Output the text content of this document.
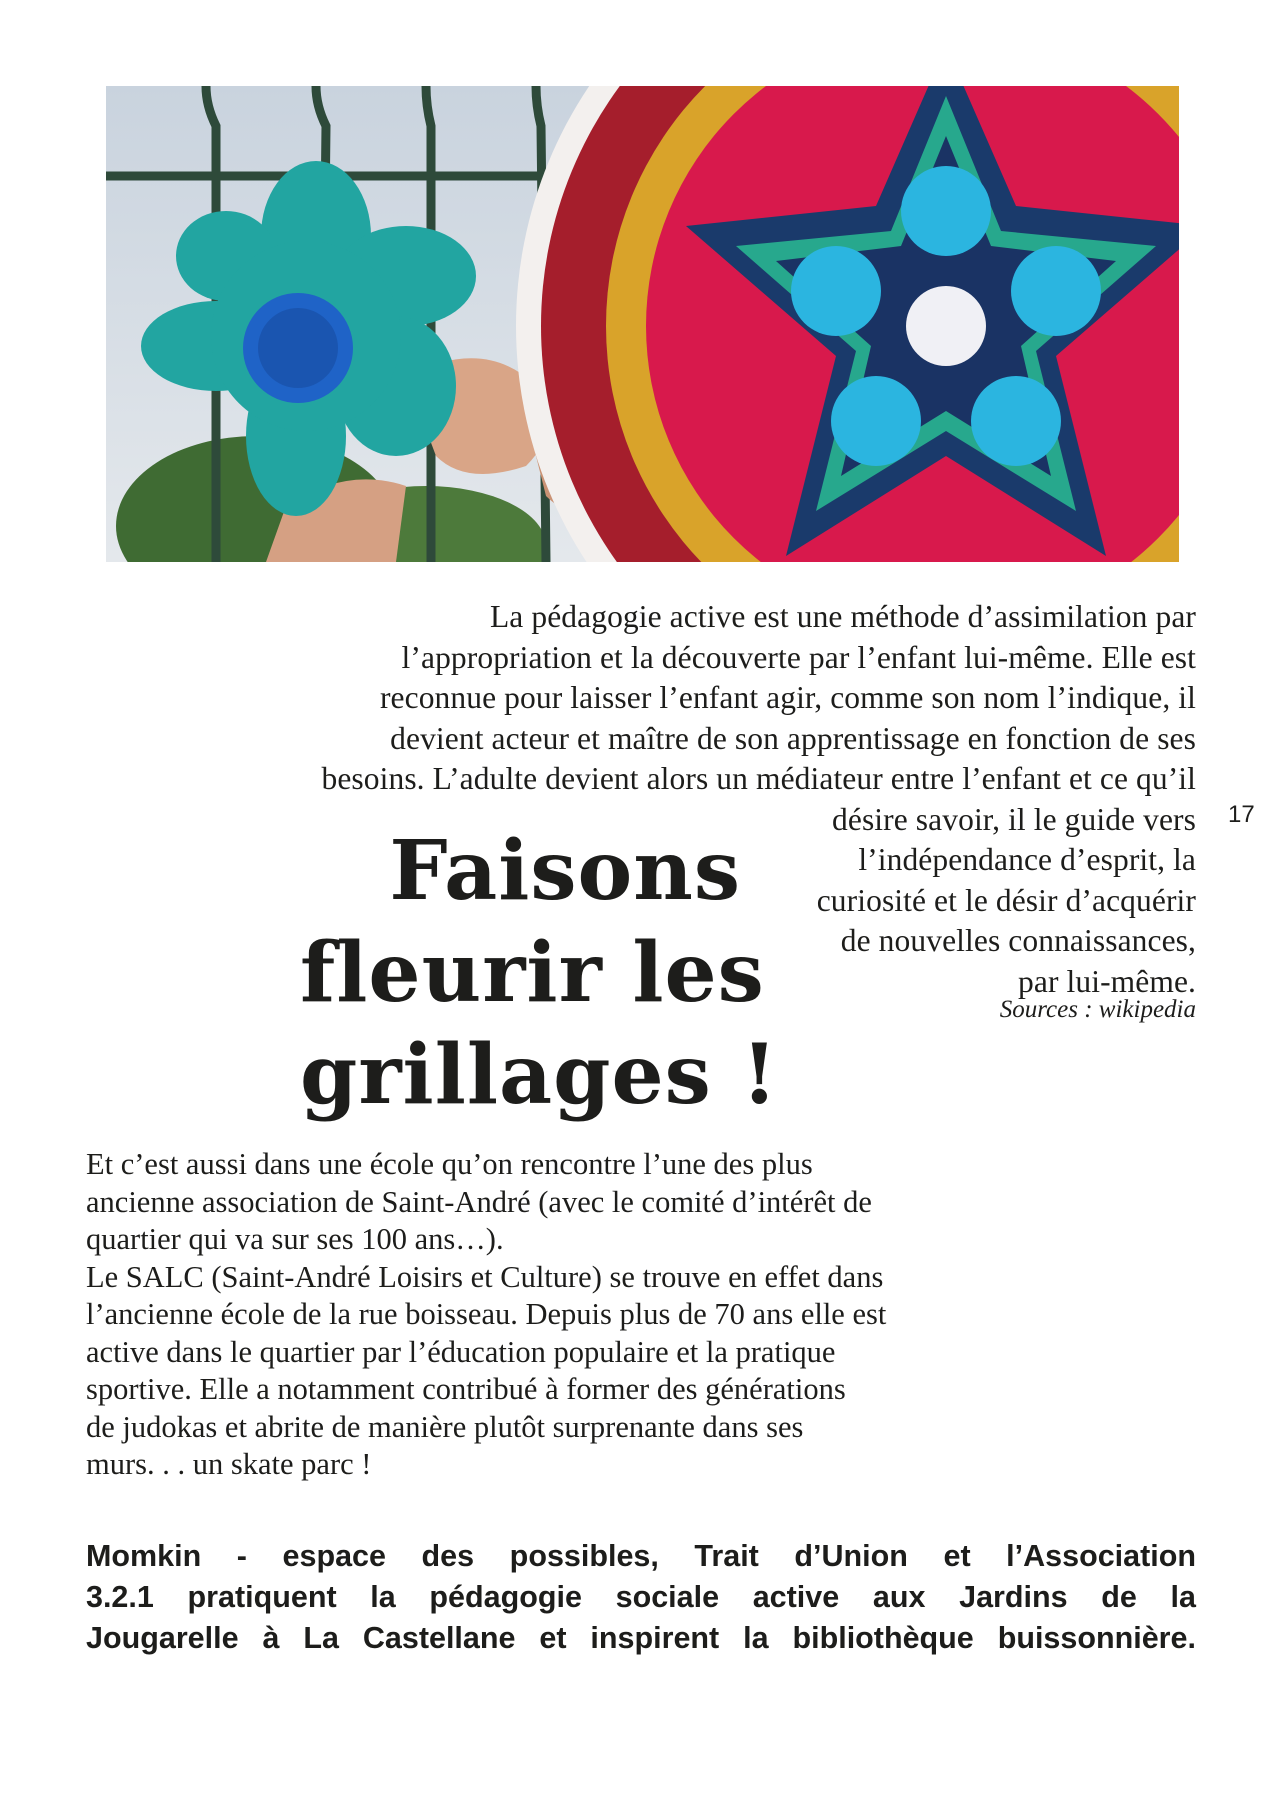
La pédagogie active est une méthode d’assimilation par
l’appropriation et la découverte par l’enfant lui-même. Elle est
reconnue pour laisser l’enfant agir, comme son nom l’indique, il
devient acteur et maître de son apprentissage en fonction de ses
besoins. L’adulte devient alors un médiateur entre l’enfant et ce qu’il
désire savoir, il le guide vers
l’indépendance d’esprit, la
curiosité et le désir d’acquérir
de nouvelles connaissances,
par lui-même.
Sources : wikipedia
17
Faisons
fleurir les
grillages !
Et c’est aussi dans une école qu’on rencontre l’une des plus
ancienne association de Saint-André (avec le comité d’intérêt de
quartier qui va sur ses 100 ans…).
Le SALC (Saint-André Loisirs et Culture) se trouve en effet dans
l’ancienne école de la rue boisseau. Depuis plus de 70 ans elle est
active dans le quartier par l’éducation populaire et la pratique
sportive. Elle a notamment contribué à former des générations
de judokas et abrite de manière plutôt surprenante dans ses
murs. . . un skate parc !
Momkin - espace des possibles, Trait d’Union et l’Association
3.2.1 pratiquent la pédagogie sociale active aux Jardins de la
Jougarelle à La Castellane et inspirent la bibliothèque buissonnière.
